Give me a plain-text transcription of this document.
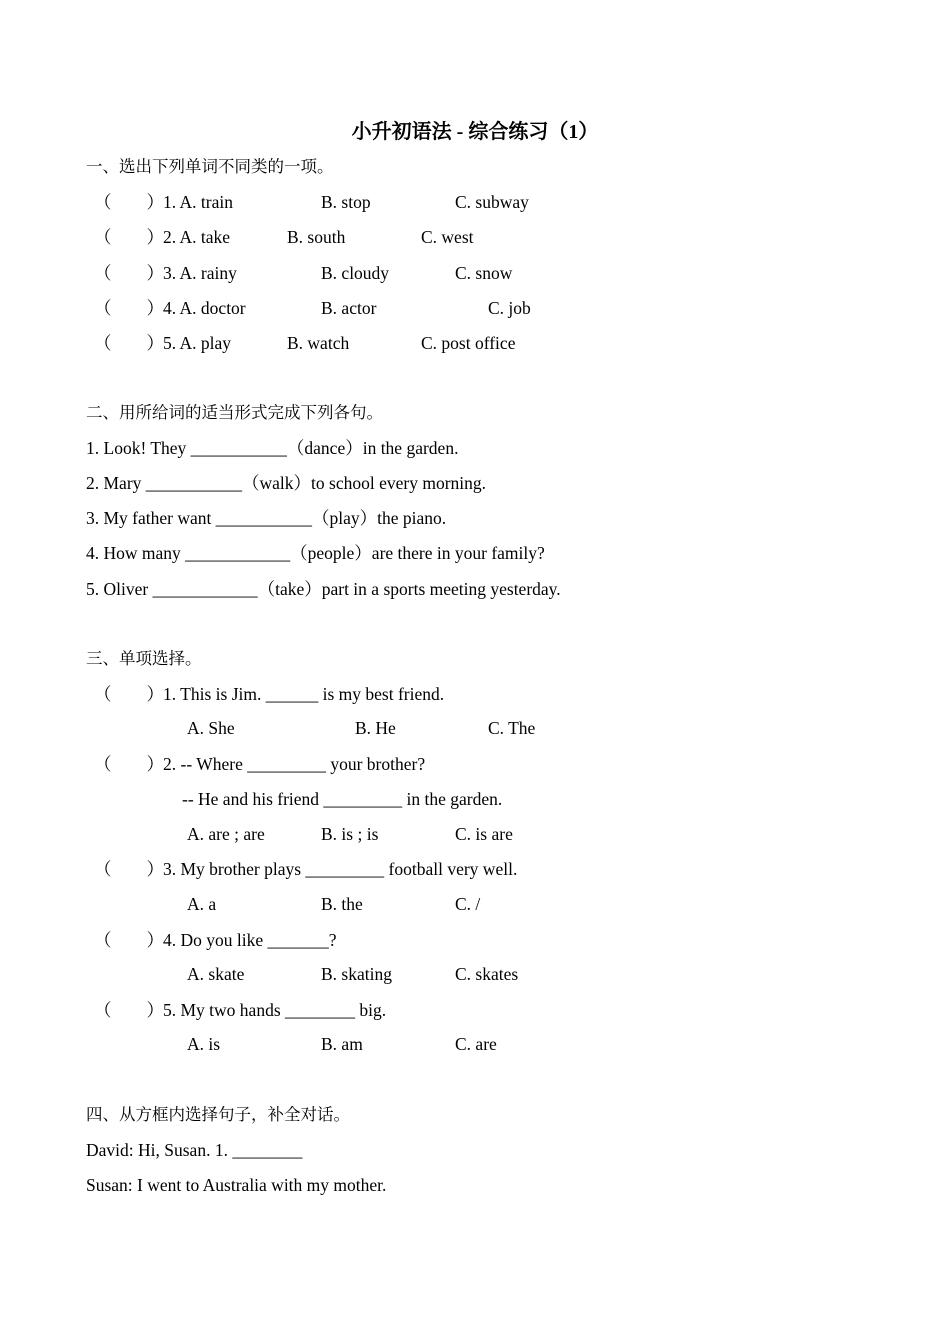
小升初语法 - 综合练习（1）
一、选出下列单词不同类的一项。
（        ） 1. A. train	B. stop	C. subway
（        ） 2. A. take	B. south	C. west
（        ） 3. A. rainy	B. cloudy	C. snow
（        ） 4. A. doctor	B. actor	C. job
（        ） 5. A. play	B. watch	C. post office
二、用所给词的适当形式完成下列各句。
1. Look! They ___________（dance）in the garden.
2. Mary ___________（walk）to school every morning.
3. My father want ___________（play）the piano.
4. How many ____________（people）are there in your family?
5. Oliver ____________（take）part in a sports meeting yesterday.
三、单项选择。
（        ） 1. This is Jim. ______ is my best friend.
A. She	B. He	C. The
（        ） 2. -- Where _________ your brother?
-- He and his friend _________ in the garden.
A. are ; are	B. is ; is	C. is are
（        ） 3. My brother plays _________ football very well.
A. a	B. the	C. /
（        ） 4. Do you like _______?
A. skate	B. skating	C. skates
（        ） 5. My two hands ________ big.
A. is	B. am	C. are
四、从方框内选择句子，补全对话。
David: Hi, Susan. 1. ________
Susan: I went to Australia with my mother.
